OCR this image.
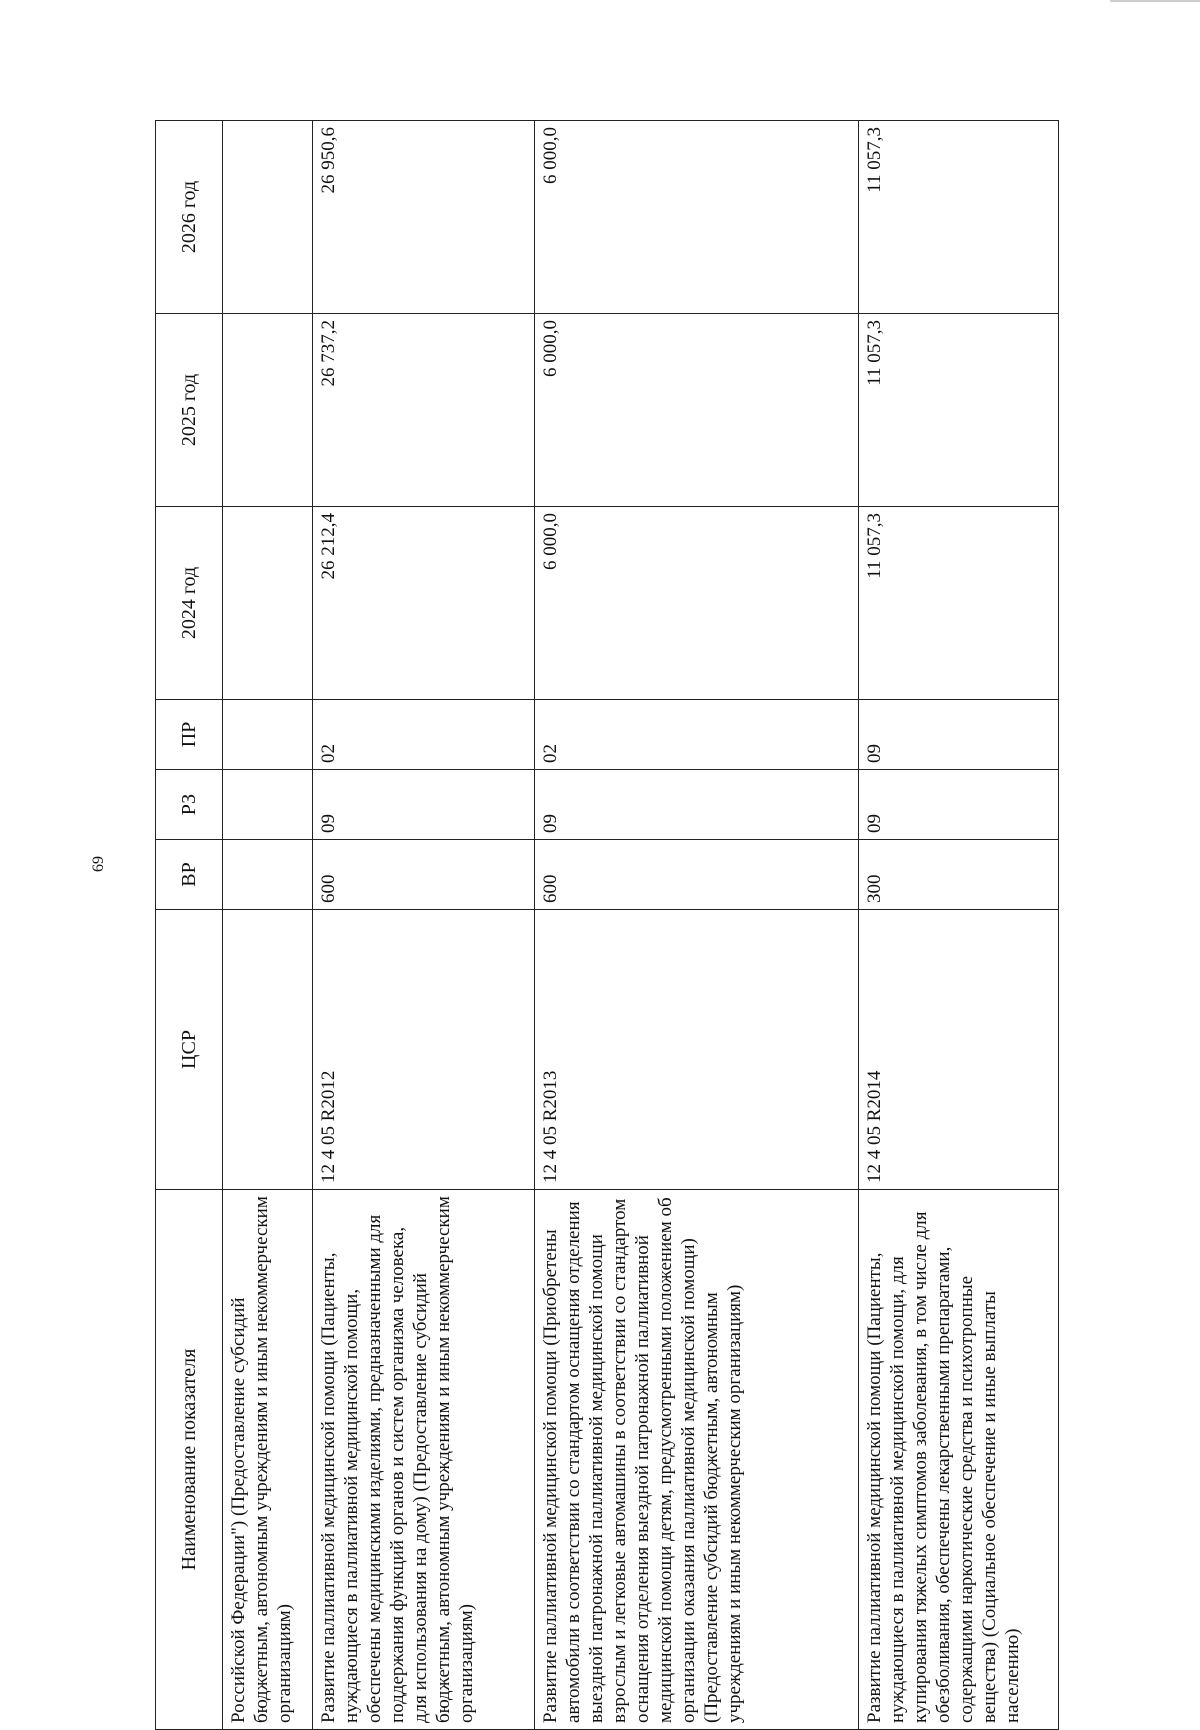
69
Наименование показателя	ЦСР	ВР	РЗ	ПР	2024 год	2025 год	2026 год
Российской Федерации") (Предоставление субсидий бюджетным, автономным учреждениям и иным некоммерческим организациям)							
Развитие паллиативной медицинской помощи (Пациенты, нуждающиеся в паллиативной медицинской помощи, обеспечены медицинскими изделиями, предназначенными для поддержания функций органов и систем организма человека, для использования на дому) (Предоставление субсидий бюджетным, автономным учреждениям и иным некоммерческим организациям)	12 4 05 R2012	600	09	02	26 212,4	26 737,2	26 950,6
Развитие паллиативной медицинской помощи (Приобретены автомобили в соответствии со стандартом оснащения отделения выездной патронажной паллиативной медицинской помощи взрослым и легковые автомашины в соответствии со стандартом оснащения отделения выездной патронажной паллиативной медицинской помощи детям, предусмотренными положением об организации оказания паллиативной медицинской помощи) (Предоставление субсидий бюджетным, автономным учреждениям и иным некоммерческим организациям)	12 4 05 R2013	600	09	02	6 000,0	6 000,0	6 000,0
Развитие паллиативной медицинской помощи (Пациенты, нуждающиеся в паллиативной медицинской помощи, для купирования тяжелых симптомов заболевания, в том числе для обезболивания, обеспечены лекарственными препаратами, содержащими наркотические средства и психотропные вещества) (Социальное обеспечение и иные выплаты населению)	12 4 05 R2014	300	09	09	11 057,3	11 057,3	11 057,3
